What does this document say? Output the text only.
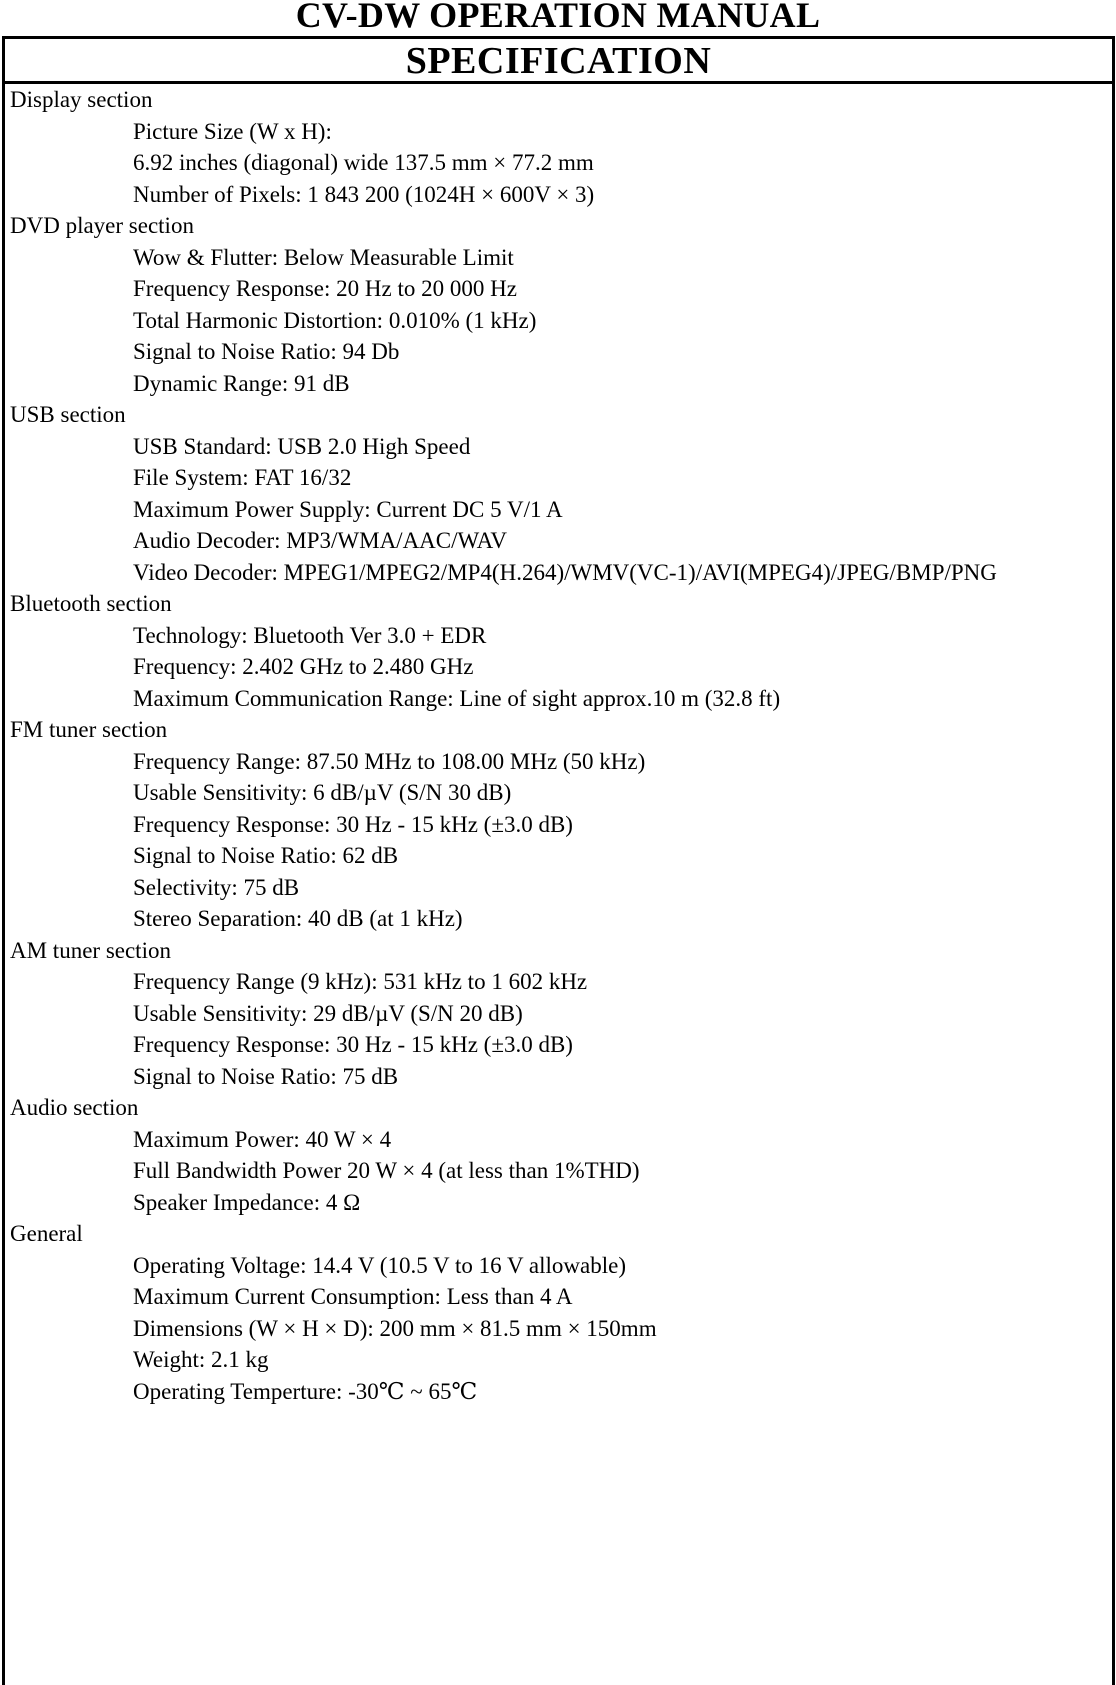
CV-DW OPERATION MANUAL
SPECIFICATION
Display section
Picture Size (W x H):
6.92 inches (diagonal) wide 137.5 mm × 77.2 mm
Number of Pixels: 1 843 200 (1024H × 600V × 3)
DVD player section
Wow & Flutter: Below Measurable Limit
Frequency Response: 20 Hz to 20 000 Hz
Total Harmonic Distortion: 0.010% (1 kHz)
Signal to Noise Ratio: 94 Db
Dynamic Range: 91 dB
USB section
USB Standard: USB 2.0 High Speed
File System: FAT 16/32
Maximum Power Supply: Current DC 5 V/1 A
Audio Decoder: MP3/WMA/AAC/WAV
Video Decoder: MPEG1/MPEG2/MP4(H.264)/WMV(VC-1)/AVI(MPEG4)/JPEG/BMP/PNG
Bluetooth section
Technology: Bluetooth Ver 3.0 + EDR
Frequency: 2.402 GHz to 2.480 GHz
Maximum Communication Range: Line of sight approx.10 m (32.8 ft)
FM tuner section
Frequency Range: 87.50 MHz to 108.00 MHz (50 kHz)
Usable Sensitivity: 6 dB/µV (S/N 30 dB)
Frequency Response: 30 Hz - 15 kHz (±3.0 dB)
Signal to Noise Ratio: 62 dB
Selectivity: 75 dB
Stereo Separation: 40 dB (at 1 kHz)
AM tuner section
Frequency Range (9 kHz): 531 kHz to 1 602 kHz
Usable Sensitivity: 29 dB/µV (S/N 20 dB)
Frequency Response: 30 Hz - 15 kHz (±3.0 dB)
Signal to Noise Ratio: 75 dB
Audio section
Maximum Power: 40 W × 4
Full Bandwidth Power 20 W × 4 (at less than 1%THD)
Speaker Impedance: 4 Ω
General
Operating Voltage: 14.4 V (10.5 V to 16 V allowable)
Maximum Current Consumption: Less than 4 A
Dimensions (W × H × D): 200 mm × 81.5 mm × 150mm
Weight: 2.1 kg
Operating Temperture: -30℃ ~ 65℃
